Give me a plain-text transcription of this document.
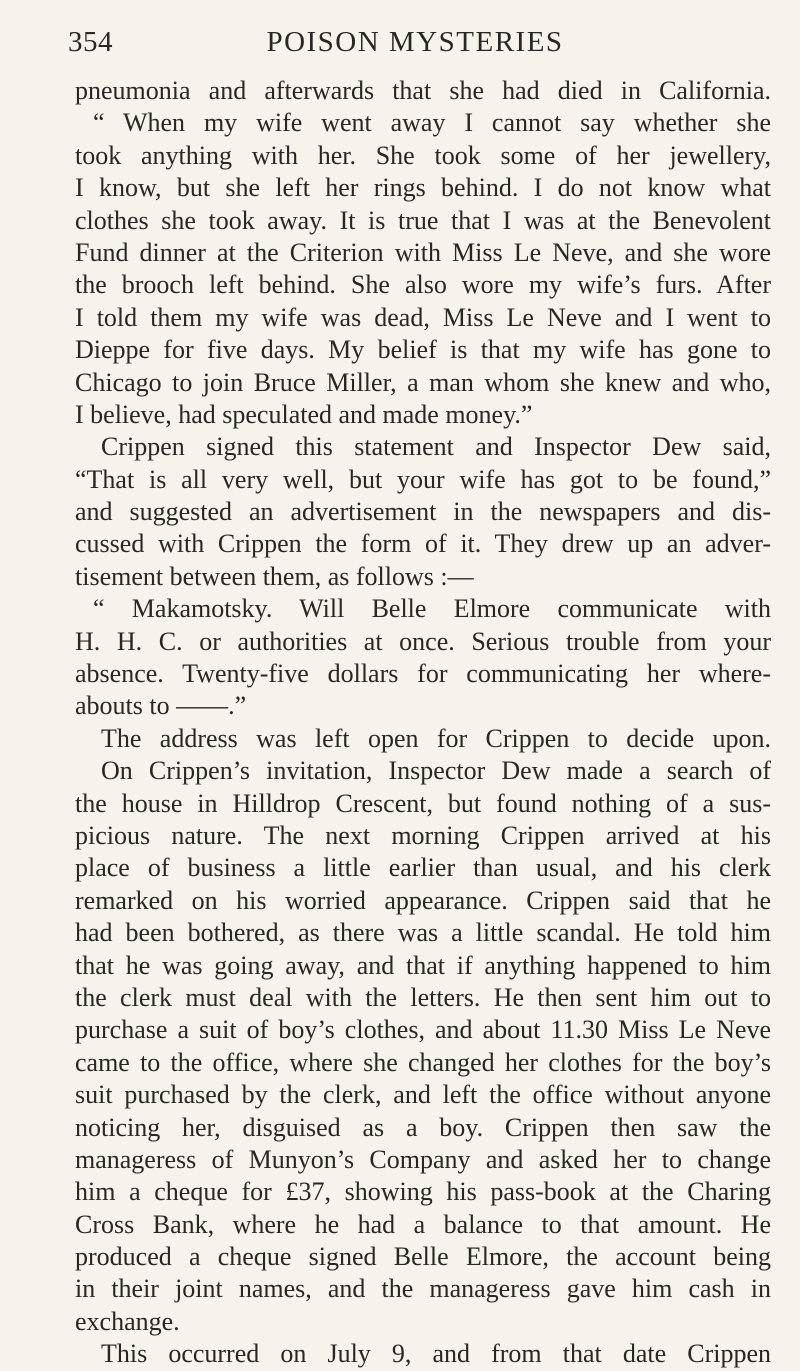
354	POISON MYSTERIES
pneumonia and afterwards that she had died in California.
“ When my wife went away I cannot say whether she
took anything with her. She took some of her jewellery,
I know, but she left her rings behind. I do not know what
clothes she took away. It is true that I was at the Benevolent
Fund dinner at the Criterion with Miss Le Neve, and she wore
the brooch left behind. She also wore my wife’s furs. After
I told them my wife was dead, Miss Le Neve and I went to
Dieppe for five days. My belief is that my wife has gone to
Chicago to join Bruce Miller, a man whom she knew and who,
I believe, had speculated and made money.”
Crippen signed this statement and Inspector Dew said,
“That is all very well, but your wife has got to be found,”
and suggested an advertisement in the newspapers and dis-
cussed with Crippen the form of it. They drew up an adver-
tisement between them, as follows :—
“ Makamotsky. Will Belle Elmore communicate with
H. H. C. or authorities at once. Serious trouble from your
absence. Twenty-five dollars for communicating her where-
abouts to ——.”
The address was left open for Crippen to decide upon.
On Crippen’s invitation, Inspector Dew made a search of
the house in Hilldrop Crescent, but found nothing of a sus-
picious nature. The next morning Crippen arrived at his
place of business a little earlier than usual, and his clerk
remarked on his worried appearance. Crippen said that he
had been bothered, as there was a little scandal. He told him
that he was going away, and that if anything happened to him
the clerk must deal with the letters. He then sent him out to
purchase a suit of boy’s clothes, and about 11.30 Miss Le Neve
came to the office, where she changed her clothes for the boy’s
suit purchased by the clerk, and left the office without anyone
noticing her, disguised as a boy. Crippen then saw the
manageress of Munyon’s Company and asked her to change
him a cheque for £37, showing his pass-book at the Charing
Cross Bank, where he had a balance to that amount. He
produced a cheque signed Belle Elmore, the account being
in their joint names, and the manageress gave him cash in
exchange.
This occurred on July 9, and from that date Crippen
